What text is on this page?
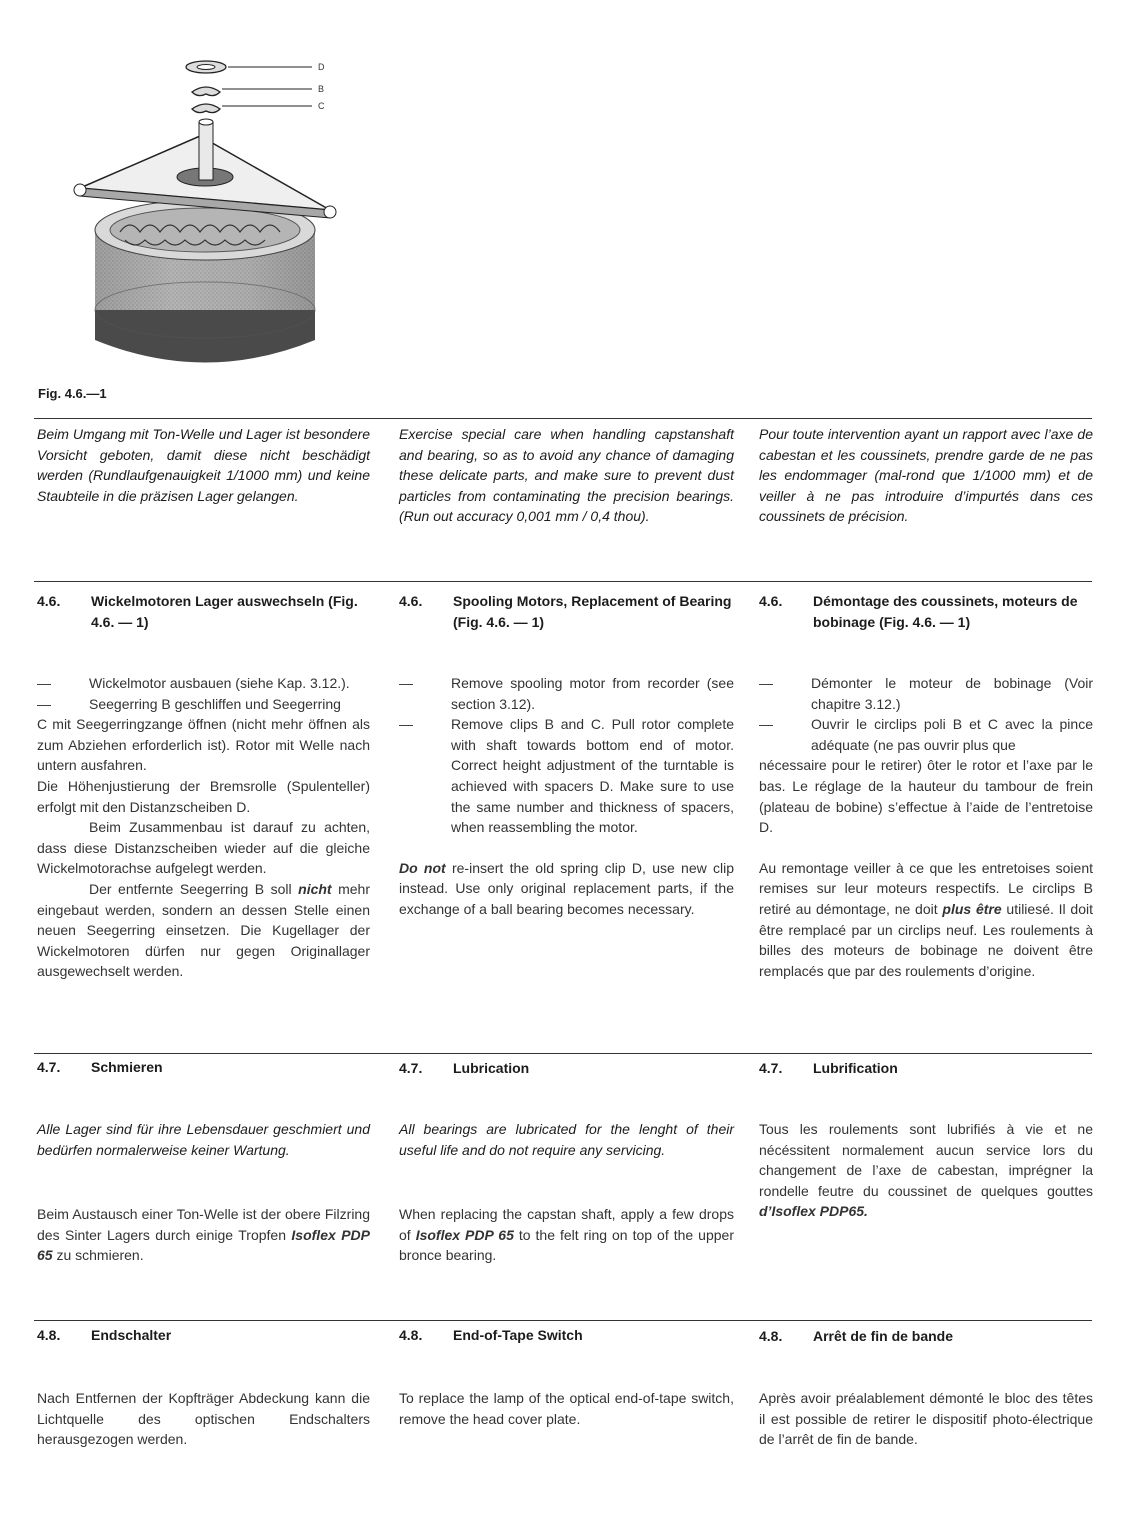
D
B
C
Fig. 4.6.—1
Beim Umgang mit Ton-Welle und Lager ist besondere Vorsicht geboten, damit diese nicht beschädigt werden (Rundlaufgenauigkeit 1/1000 mm) und keine Staubteile in die präzisen Lager gelangen.
Exercise special care when handling capstanshaft and bearing, so as to avoid any chance of damaging these delicate parts, and make sure to prevent dust particles from contaminating the precision bearings. (Run out accuracy 0,001 mm / 0,4 thou).
Pour toute intervention ayant un rapport avec l’axe de cabestan et les coussinets, prendre garde de ne pas les endommager (mal-rond que 1/1000 mm) et de veiller à ne pas introduire d’impurtés dans ces coussinets de précision.
4.6.	Wickelmotoren Lager auswechseln (Fig. 4.6. — 1)
4.6.	Spooling Motors, Replacement of Bearing (Fig. 4.6. — 1)
4.6.	Démontage des coussinets, moteurs de bobinage (Fig. 4.6. — 1)
—	Wickelmotor ausbauen (siehe Kap. 3.12.).
—	Seegerring B geschliffen und Seegerring

C mit Seegerringzange öffnen (nicht mehr öffnen als zum Abziehen erforderlich ist). Rotor mit Welle nach untern ausfahren.

Die Höhenjustierung der Bremsrolle (Spulenteller) erfolgt mit den Distanzscheiben D.

Beim Zusammenbau ist darauf zu achten, dass diese Distanzscheiben wieder auf die gleiche Wickelmotorachse aufgelegt werden.

Der entfernte Seegerring B soll nicht mehr eingebaut werden, sondern an dessen Stelle einen neuen Seegerring einsetzen. Die Kugellager der Wickelmotoren dürfen nur gegen Originallager ausgewechselt werden.

—	Remove spooling motor from recorder (see section 3.12).
—	Remove clips B and C. Pull rotor complete with shaft towards bottom end of motor. Correct height adjustment of the turntable is achieved with spacers D. Make sure to use the same number and thickness of spacers, when reassembling the motor.

Do not re-insert the old spring clip D, use new clip instead. Use only original replacement parts, if the exchange of a ball bearing becomes necessary.

—	Démonter le moteur de bobinage (Voir chapitre 3.12.)
—	Ouvrir le circlips poli B et C avec la pince adéquate (ne pas ouvrir plus que

nécessaire pour le retirer) ôter le rotor et l’axe par le bas. Le réglage de la hauteur du tambour de frein (plateau de bobine) s’effectue à l’aide de l’entretoise D.

Au remontage veiller à ce que les entretoises soient remises sur leur moteurs respectifs. Le circlips B retiré au démontage, ne doit plus être utiliesé. Il doit être remplacé par un circlips neuf. Les roulements à billes des moteurs de bobinage ne doivent être remplacés que par des roulements d’origine.

4.7.	Schmieren	4.7.	Lubrication	4.7.	Lubrification
Alle Lager sind für ihre Lebensdauer geschmiert und bedürfen normalerweise keiner Wartung.
Beim Austausch einer Ton-Welle ist der obere Filzring des Sinter Lagers durch einige Tropfen Isoflex PDP 65 zu schmieren.
All bearings are lubricated for the lenght of their useful life and do not require any servicing.
When replacing the capstan shaft, apply a few drops of Isoflex PDP 65 to the felt ring on top of the upper bronce bearing.
Tous les roulements sont lubrifiés à vie et ne nécéssitent normalement aucun service lors du changement de l’axe de cabestan, imprégner la rondelle feutre du coussinet de quelques gouttes d’Isoflex PDP65.
4.8.	Endschalter	4.8.	End-of-Tape Switch	4.8.	Arrêt de fin de bande
Nach Entfernen der Kopfträger Abdeckung kann die Lichtquelle des optischen Endschalters herausgezogen werden.
To replace the lamp of the optical end-of-tape switch, remove the head cover plate.
Après avoir préalablement démonté le bloc des têtes il est possible de retirer le dispositif photo-électrique de l’arrêt de fin de bande.
